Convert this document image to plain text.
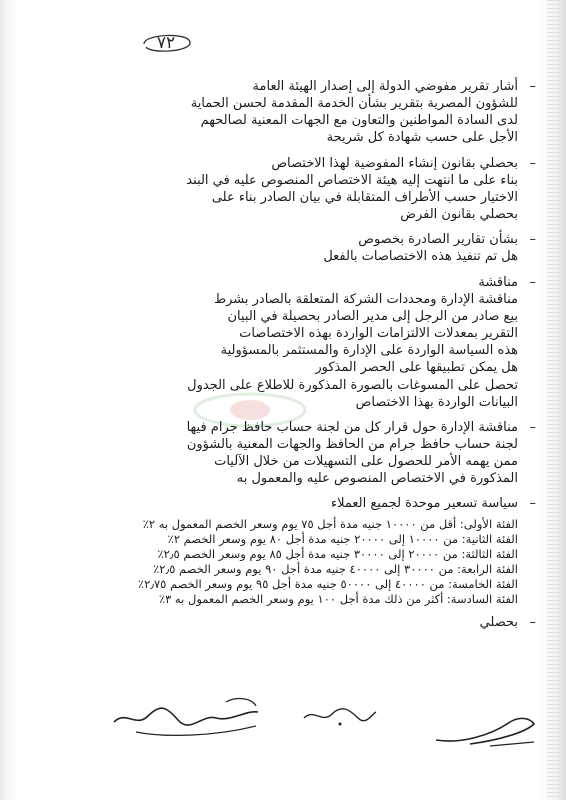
٧٢
–
أشار تقرير مفوضي الدولة إلى إصدار الهيئة العامة
للشؤون المصرية بتقرير بشأن الخدمة المقدمة لحسن الحماية
لدى السادة المواطنين والتعاون مع الجهات المعنية لصالحهم
الأجل على حسب شهادة كل شريحة
–
بحصلي بقانون إنشاء المفوضية لهذا الاختصاص
بناء على ما انتهت إليه هيئة الاختصاص المنصوص عليه في البند
الاختيار حسب الأطراف المتقابلة في بيان الصادر بناء على
بحصلي بقانون الفرض
–
بشأن تقارير الصادرة بخصوص
هل تم تنفيذ هذه الاختصاصات بالفعل
–
مناقشة
مناقشة الإدارة ومحددات الشركة المتعلقة بالصادر بشرط
بيع صادر من الرجل إلى مدير الصادر بحصيلة في البيان
التقرير بمعدلات الالتزامات الواردة بهذه الاختصاصات
هذه السياسة الواردة على الإدارة والمستثمر بالمسؤولية
هل يمكن تطبيقها على الحصر المذكور
تحصل على المسوغات بالصورة المذكورة للاطلاع على الجدول
البيانات الواردة بهذا الاختصاص
–
مناقشة الإدارة حول قرار كل من لجنة حساب حافظ جرام فيها
لجنة حساب حافظ جرام من الحافظ والجهات المعنية بالشؤون
ممن يهمه الأمر للحصول على التسهيلات من خلال الآليات
المذكورة في الاختصاص المنصوص عليه والمعمول به
–
سياسة تسعير موحدة لجميع العملاء
الفئة الأولى: أقل من ١٠٠٠٠ جنيه مدة أجل ٧٥ يوم وسعر الخصم المعمول به ٢٪
الفئة الثانية: من ١٠٠٠٠ إلى ٢٠٠٠٠ جنيه مدة أجل ٨٠ يوم وسعر الخصم ٢٪
الفئة الثالثة: من ٢٠٠٠٠ إلى ٣٠٠٠٠ جنيه مدة أجل ٨٥ يوم وسعر الخصم ٢٫٥٪
الفئة الرابعة: من ٣٠٠٠٠ إلى ٤٠٠٠٠ جنيه مدة أجل ٩٠ يوم وسعر الخصم ٢٫٥٪
الفئة الخامسة: من ٤٠٠٠٠ إلى ٥٠٠٠٠ جنيه مدة أجل ٩٥ يوم وسعر الخصم ٢٫٧٥٪
الفئة السادسة: أكثر من ذلك مدة أجل ١٠٠ يوم وسعر الخصم المعمول به ٣٪
–
بحصلي
